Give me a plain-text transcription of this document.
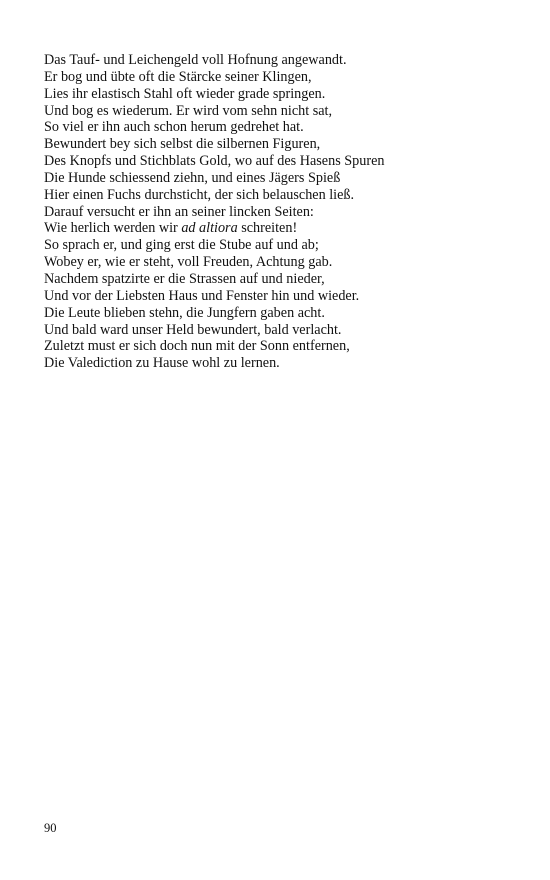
Das Tauf- und Leichengeld voll Hofnung angewandt.
Er bog und übte oft die Stärcke seiner Klingen,
Lies ihr elastisch Stahl oft wieder grade springen.
Und bog es wiederum. Er wird vom sehn nicht sat,
So viel er ihn auch schon herum gedrehet hat.
Bewundert bey sich selbst die silbernen Figuren,
Des Knopfs und Stichblats Gold, wo auf des Hasens Spuren
Die Hunde schiessend ziehn, und eines Jägers Spieß
Hier einen Fuchs durchsticht, der sich belauschen ließ.
Darauf versucht er ihn an seiner lincken Seiten:
Wie herlich werden wir ad altiora schreiten!
So sprach er, und ging erst die Stube auf und ab;
Wobey er, wie er steht, voll Freuden, Achtung gab.
Nachdem spatzirte er die Strassen auf und nieder,
Und vor der Liebsten Haus und Fenster hin und wieder.
Die Leute blieben stehn, die Jungfern gaben acht.
Und bald ward unser Held bewundert, bald verlacht.
Zuletzt must er sich doch nun mit der Sonn entfernen,
Die Valediction zu Hause wohl zu lernen.
90
